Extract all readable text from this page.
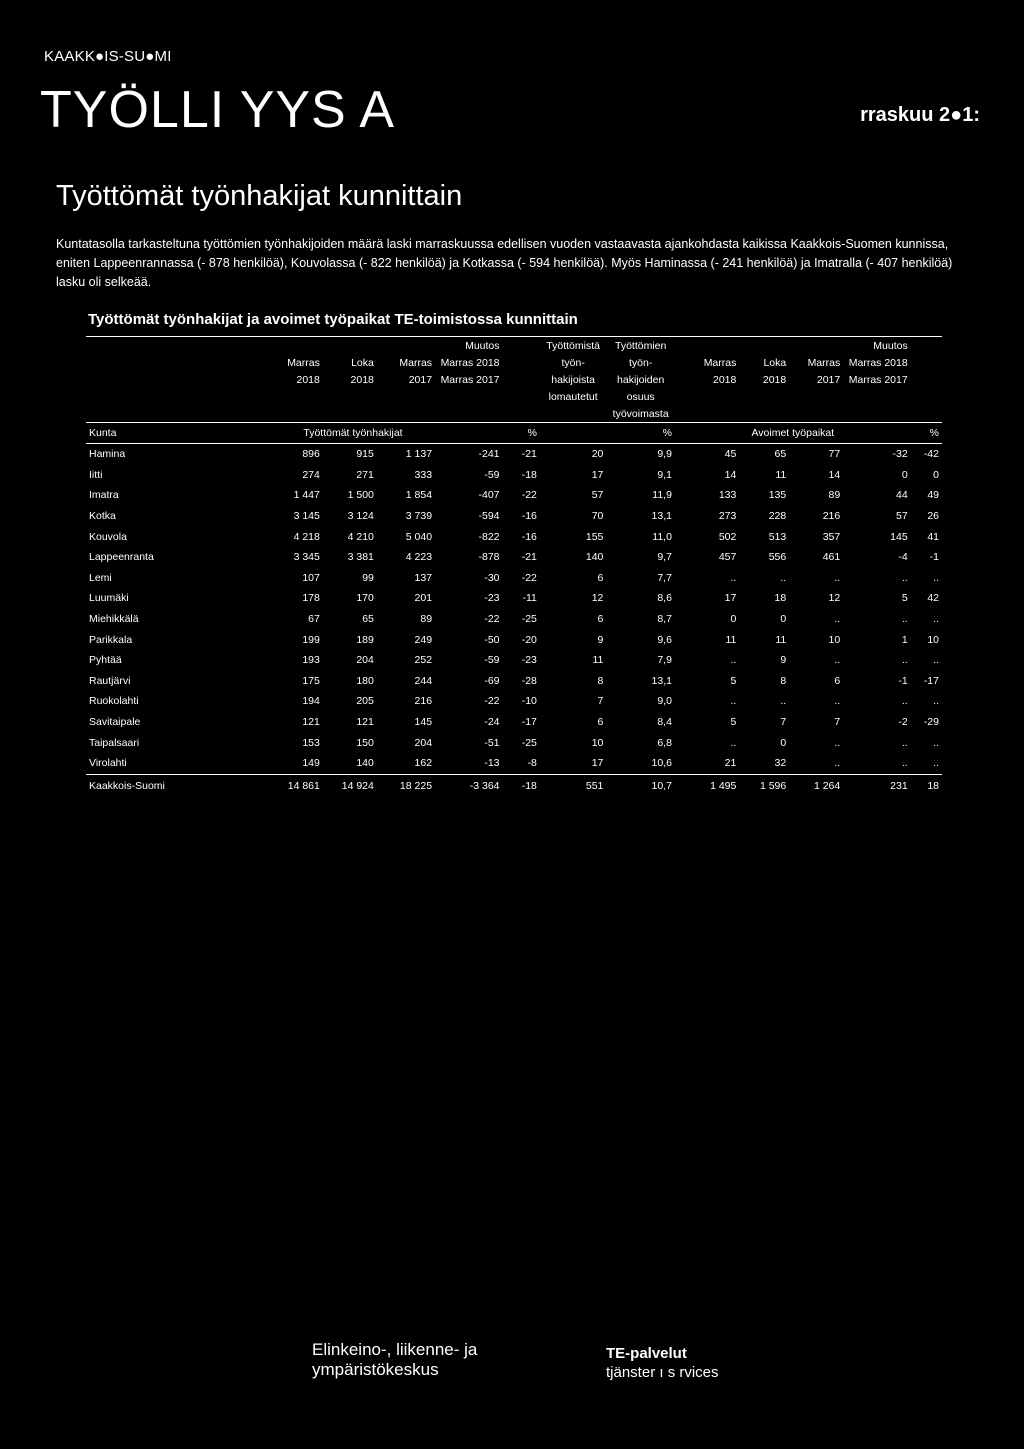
KAAKK●IS-SU●MI
TYÖLLI YYS A	rraskuu 2●1:
Työttömät työnhakijat kunnittain
Kuntatasolla tarkasteltuna työttömien työnhakijoiden määrä laski marraskuussa edellisen vuoden vastaavasta ajankohdasta kaikissa Kaakkois-Suomen kunnissa, eniten Lappeenrannassa (- 878 henkilöä), Kouvolassa (- 822 henkilöä) ja Kotkassa (- 594 henkilöä). Myös Haminassa (- 241 henkilöä) ja Imatralla (- 407 henkilöä) lasku oli selkeää.
Työttömät työnhakijat ja avoimet työpaikat TE-toimistossa kunnittain
				Muutos		Työttömistä	Työttömien				Muutos	
	Marras	Loka	Marras	Marras 2018		työn-	työn-	Marras	Loka	Marras	Marras 2018	
	2018	2018	2017	Marras 2017		hakijoista	hakijoiden	2018	2018	2017	Marras 2017	
						lomautetut	osuus					
							työvoimasta					
Kunta	Työttömät työnhakijat				%		%	Avoimet työpaikat				%
Hamina	896	915	1 137	-241	-21	20	9,9	45	65	77	-32	-42
Iitti	274	271	333	-59	-18	17	9,1	14	11	14	0	0
Imatra	1 447	1 500	1 854	-407	-22	57	11,9	133	135	89	44	49
Kotka	3 145	3 124	3 739	-594	-16	70	13,1	273	228	216	57	26
Kouvola	4 218	4 210	5 040	-822	-16	155	11,0	502	513	357	145	41
Lappeenranta	3 345	3 381	4 223	-878	-21	140	9,7	457	556	461	-4	-1
Lemi	107	99	137	-30	-22	6	7,7	..	..	..	..	..
Luumäki	178	170	201	-23	-11	12	8,6	17	18	12	5	42
Miehikkälä	67	65	89	-22	-25	6	8,7	0	0	..	..	..
Parikkala	199	189	249	-50	-20	9	9,6	11	11	10	1	10
Pyhtää	193	204	252	-59	-23	11	7,9	..	9	..	..	..
Rautjärvi	175	180	244	-69	-28	8	13,1	5	8	6	-1	-17
Ruokolahti	194	205	216	-22	-10	7	9,0	..	..	..	..	..
Savitaipale	121	121	145	-24	-17	6	8,4	5	7	7	-2	-29
Taipalsaari	153	150	204	-51	-25	10	6,8	..	0	..	..	..
Virolahti	149	140	162	-13	-8	17	10,6	21	32	..	..	..
Kaakkois-Suomi	14 861	14 924	18 225	-3 364	-18	551	10,7	1 495	1 596	1 264	231	18
Elinkeino-, liikenne- ja
ympäristökeskus
TE-palvelut
tjänster ı s rvices
